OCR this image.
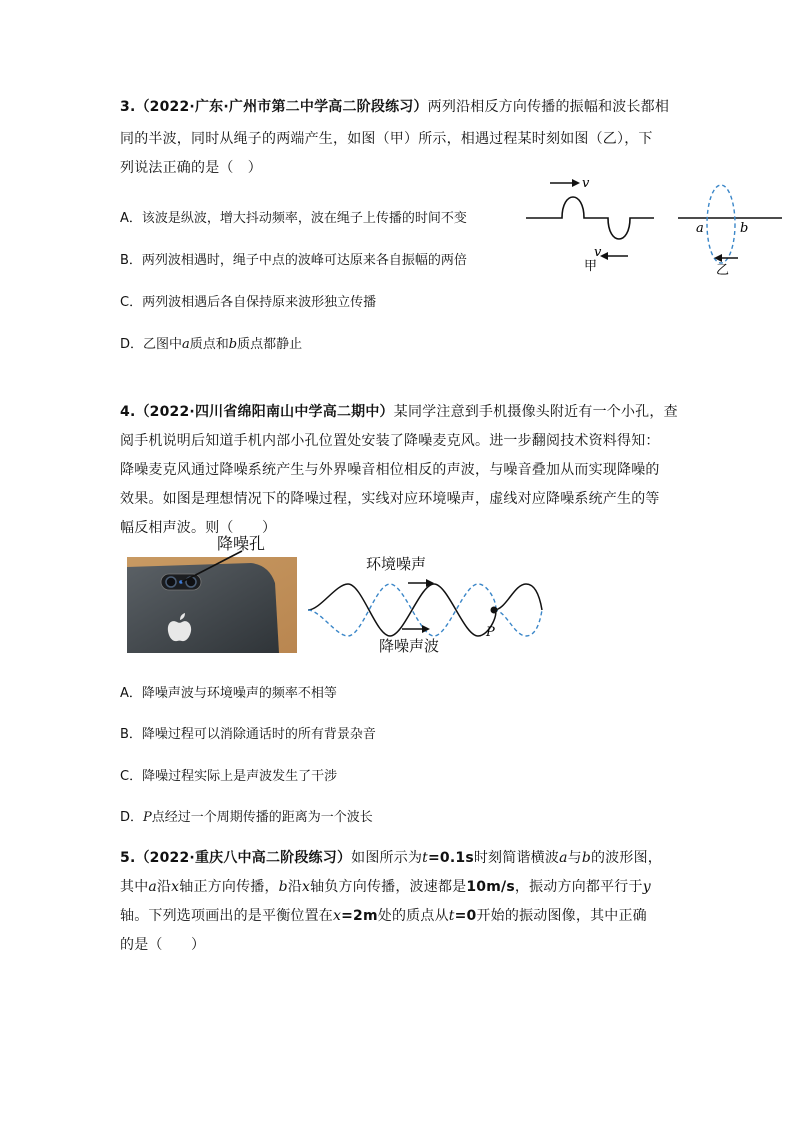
3.（2022·广东·广州市第二中学高二阶段练习）两列沿相反方向传播的振幅和波长都相
同的半波，同时从绳子的两端产生，如图（甲）所示，相遇过程某时刻如图（乙），下
列说法正确的是（　）
A．该波是纵波，增大抖动频率，波在绳子上传播的时间不变
B．两列波相遇时，绳子中点的波峰可达原来各自振幅的两倍
C．两列波相遇后各自保持原来波形独立传播
D．乙图中a质点和b质点都静止
v
v
甲
a	b
乙
4.（2022·四川省绵阳南山中学高二期中）某同学注意到手机摄像头附近有一个小孔，查
阅手机说明后知道手机内部小孔位置处安装了降噪麦克风。进一步翻阅技术资料得知：
降噪麦克风通过降噪系统产生与外界噪音相位相反的声波，与噪音叠加从而实现降噪的
效果。如图是理想情况下的降噪过程，实线对应环境噪声，虚线对应降噪系统产生的等
幅反相声波。则（　　）
降噪孔
P
环境噪声
降噪声波
A．降噪声波与环境噪声的频率不相等
B．降噪过程可以消除通话时的所有背景杂音
C．降噪过程实际上是声波发生了干涉
D．P点经过一个周期传播的距离为一个波长
5.（2022·重庆八中高二阶段练习）如图所示为t=0.1s时刻简谐横波a与b的波形图，
其中a沿x轴正方向传播，b沿x轴负方向传播，波速都是10m/s，振动方向都平行于y
轴。下列选项画出的是平衡位置在x=2m处的质点从t=0开始的振动图像，其中正确
的是（　　）
